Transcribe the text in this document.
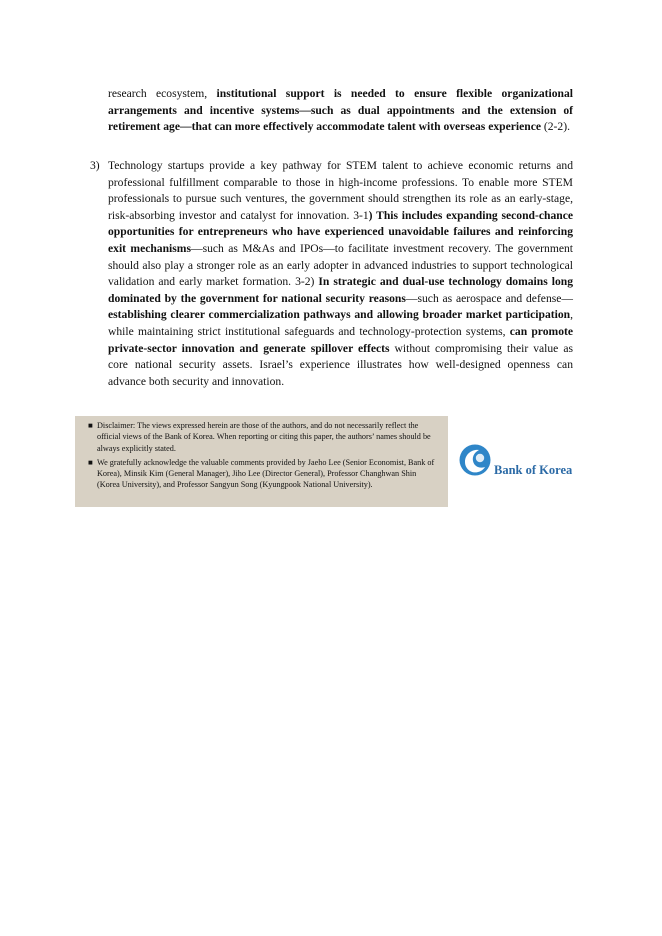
research ecosystem, institutional support is needed to ensure flexible organizational arrangements and incentive systems—such as dual appointments and the extension of retirement age—that can more effectively accommodate talent with overseas experience (2-2).

3) Technology startups provide a key pathway for STEM talent to achieve economic returns and professional fulfillment comparable to those in high-income professions. To enable more STEM professionals to pursue such ventures, the government should strengthen its role as an early-stage, risk-absorbing investor and catalyst for innovation. 3-1) This includes expanding second-chance opportunities for entrepreneurs who have experienced unavoidable failures and reinforcing exit mechanisms—such as M&As and IPOs—to facilitate investment recovery. The government should also play a stronger role as an early adopter in advanced industries to support technological validation and early market formation. 3-2) In strategic and dual-use technology domains long dominated by the government for national security reasons—such as aerospace and defense—establishing clearer commercialization pathways and allowing broader market participation, while maintaining strict institutional safeguards and technology-protection systems, can promote private-sector innovation and generate spillover effects without compromising their value as core national security assets. Israel’s experience illustrates how well-designed openness can advance both security and innovation.

■ Disclaimer: The views expressed herein are those of the authors, and do not necessarily reflect the official views of the Bank of Korea. When reporting or citing this paper, the authors’ names should be always explicitly stated.
■ We gratefully acknowledge the valuable comments provided by Jaeho Lee (Senior Economist, Bank of Korea), Minsik Kim (General Manager), Jiho Lee (Director General), Professor Changhwan Shin (Korea University), and Professor Sangyun Song (Kyungpook National University).
Bank of Korea
